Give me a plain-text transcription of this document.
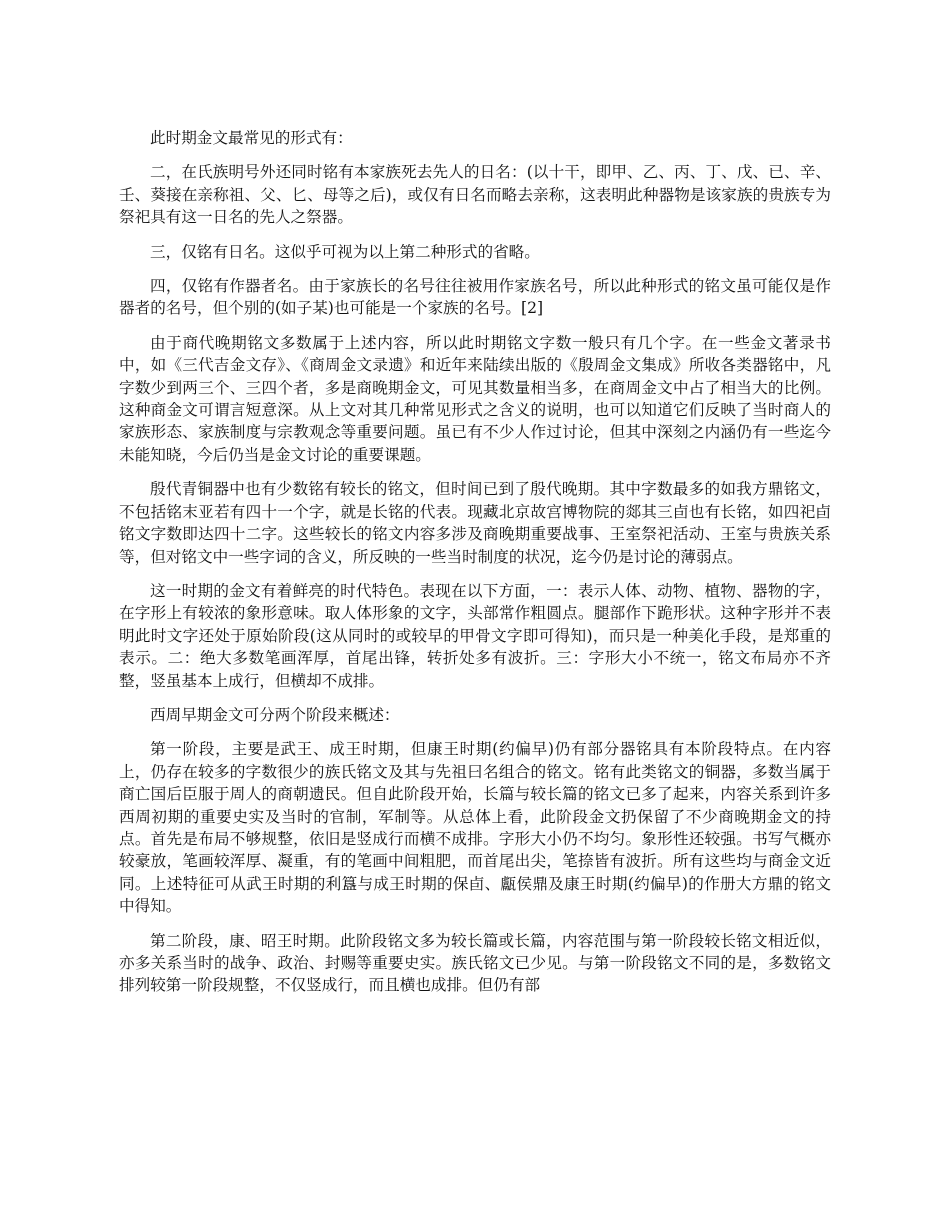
此时期金文最常见的形式有：

二，在氏族明号外还同时铭有本家族死去先人的日名：(以十干，即甲、乙、丙、丁、戊、已、辛、壬、葵接在亲称祖、父、匕、母等之后)，或仅有日名而略去亲称，这表明此种器物是该家族的贵族专为祭祀具有这一日名的先人之祭器。

三，仅铭有日名。这似乎可视为以上第二种形式的省略。

四，仅铭有作器者名。由于家族长的名号往往被用作家族名号，所以此种形式的铭文虽可能仅是作器者的名号，但个别的(如子某)也可能是一个家族的名号。[2]

由于商代晚期铭文多数属于上述内容，所以此时期铭文字数一般只有几个字。在一些金文著录书中，如《三代吉金文存》、《商周金文录遗》和近年来陆续出版的《殷周金文集成》所收各类器铭中，凡字数少到两三个、三四个者，多是商晚期金文，可见其数量相当多，在商周金文中占了相当大的比例。这种商金文可谓言短意深。从上文对其几种常见形式之含义的说明，也可以知道它们反映了当时商人的家族形态、家族制度与宗教观念等重要问题。虽已有不少人作过讨论，但其中深刻之内涵仍有一些迄今未能知晓，今后仍当是金文讨论的重要课题。

殷代青铜器中也有少数铭有较长的铭文，但时间已到了殷代晚期。其中字数最多的如我方鼎铭文，不包括铭末亚若有四十一个字，就是长铭的代表。现藏北京故宫博物院的郯其三卣也有长铭，如四祀卣铭文字数即达四十二字。这些较长的铭文内容多涉及商晚期重要战事、王室祭祀活动、王室与贵族关系等，但对铭文中一些字词的含义，所反映的一些当时制度的状况，迄今仍是讨论的薄弱点。

这一时期的金文有着鲜亮的时代特色。表现在以下方面，一：表示人体、动物、植物、器物的字，在字形上有较浓的象形意味。取人体形象的文字，头部常作粗圆点。腿部作下跪形状。这种字形并不表明此时文字还处于原始阶段(这从同时的或较早的甲骨文字即可得知)，而只是一种美化手段，是郑重的表示。二：绝大多数笔画浑厚，首尾出锋，转折处多有波折。三：字形大小不统一，铭文布局亦不齐整，竖虽基本上成行，但横却不成排。

西周早期金文可分两个阶段来概述：

第一阶段，主要是武王、成王时期，但康王时期(约偏早)仍有部分器铭具有本阶段特点。在内容上，仍存在较多的字数很少的族氏铭文及其与先祖曰名组合的铭文。铭有此类铭文的铜器，多数当属于商亡国后臣服于周人的商朝遗民。但自此阶段开始，长篇与较长篇的铭文已多了起来，内容关系到许多西周初期的重要史实及当时的官制，军制等。从总体上看，此阶段金文扔保留了不少商晚期金文的持点。首先是布局不够规整，依旧是竖成行而横不成排。字形大小仍不均匀。象形性还较强。书写气概亦较豪放，笔画较浑厚、凝重，有的笔画中间粗肥，而首尾出尖，笔捺皆有波折。所有这些均与商金文近同。上述特征可从武王时期的利簋与成王时期的保卣、甗侯鼎及康王时期(约偏早)的作册大方鼎的铭文中得知。

第二阶段，康、昭王时期。此阶段铭文多为较长篇或长篇，内容范围与第一阶段较长铭文相近似，亦多关系当时的战争、政治、封赐等重要史实。族氏铭文已少见。与第一阶段铭文不同的是，多数铭文排列较第一阶段规整，不仅竖成行，而且横也成排。但仍有部
